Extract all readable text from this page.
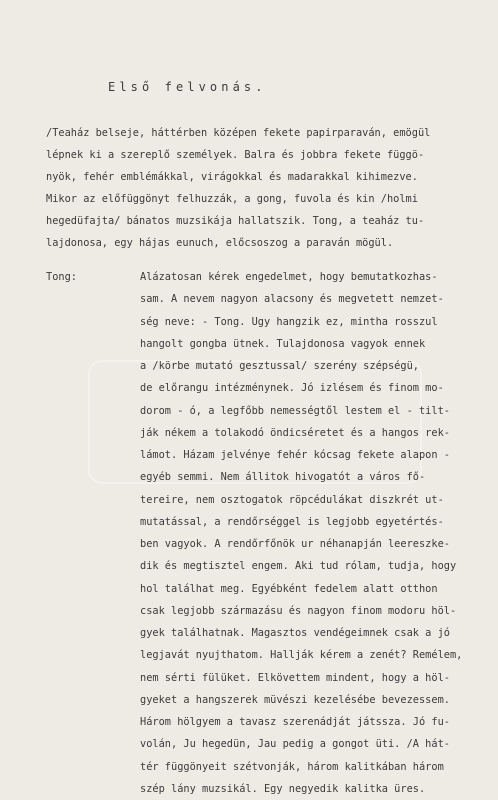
Első felvonás.
/Teaház belseje, háttérben középen fekete papirparaván, emögül
lépnek ki a szereplő személyek. Balra és jobbra fekete függö-
nyök, fehér emblémákkal, virágokkal és madarakkal kihimezve.
Mikor az előfüggönyt felhuzzák, a gong, fuvola és kin /holmi
hegedüfajta/ bánatos muzsikája hallatszik. Tong, a teaház tu-
lajdonosa, egy hájas eunuch, előcsoszog a paraván mögül.
Tong:	Alázatosan kérek engedelmet, hogy bemutatkozhas-
sam. A nevem nagyon alacsony és megvetett nemzet-
ség neve: - Tong. Ugy hangzik ez, mintha rosszul
hangolt gongba ütnek. Tulajdonosa vagyok ennek
a /körbe mutató gesztussal/ szerény szépségü,
de előrangu intézménynek. Jó izlésem és finom mo-
dorom - ó, a legfőbb nemességtől lestem el - tilt-
ják nékem a tolakodó öndicséretet és a hangos rek-
lámot. Házam jelvénye fehér kócsag fekete alapon -
egyéb semmi. Nem állitok hivogatót a város fő-
tereire, nem osztogatok röpcédulákat diszkrét ut-
mutatással, a rendőrséggel is legjobb egyetértés-
ben vagyok. A rendőrfőnök ur néhanapján leereszke-
dik és megtisztel engem. Aki tud rólam, tudja, hogy
hol találhat meg. Egyébként fedelem alatt otthon
csak legjobb származásu és nagyon finom modoru höl-
gyek találhatnak. Magasztos vendégeimnek csak a jó
legjavát nyujthatom. Hallják kérem a zenét? Remélem,
nem sérti fülüket. Elkövettem mindent, hogy a höl-
gyeket a hangszerek müvészi kezelésébe bevezessem.
Három hölgyem a tavasz szerenádját játssza. Jó fu-
volán, Ju hegedün, Jau pedig a gongot üti. /A hát-
tér függönyeit szétvonják, három kalitkában három
szép lány muzsikál. Egy negyedik kalitka üres.
